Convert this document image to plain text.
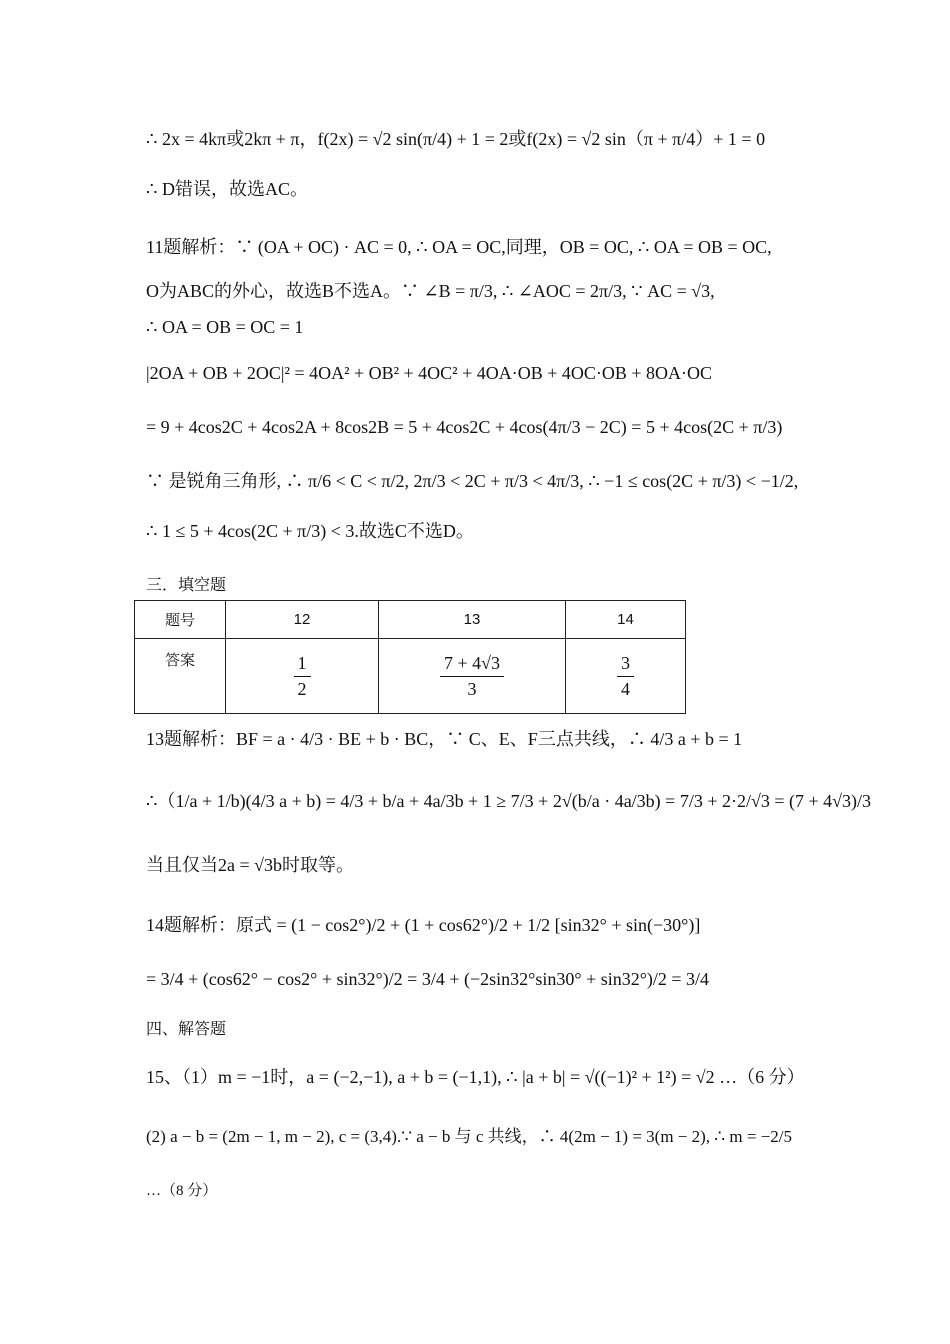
∴ 2x = 4kπ或2kπ + π，f(2x) = √2 sin(π/4) + 1 = 2或f(2x) = √2 sin（π + π/4）+ 1 = 0
∴ D错误，故选AC。
11题解析：∵ (OA + OC) · AC = 0, ∴ OA = OC,同理，OB = OC, ∴ OA = OB = OC,
O为ABC的外心，故选B不选A。∵ ∠B = π/3, ∴ ∠AOC = 2π/3, ∵ AC = √3,
∴ OA = OB = OC = 1
|2OA + OB + 2OC|² = 4OA² + OB² + 4OC² + 4OA·OB + 4OC·OB + 8OA·OC
= 9 + 4cos2C + 4cos2A + 8cos2B = 5 + 4cos2C + 4cos(4π/3 − 2C) = 5 + 4cos(2C + π/3)
∵ 是锐角三角形, ∴ π/6 < C < π/2, 2π/3 < 2C + π/3 < 4π/3, ∴ −1 ≤ cos(2C + π/3) < −1/2,
∴ 1 ≤ 5 + 4cos(2C + π/3) < 3.故选C不选D。
三．填空题
题号	12	13	14
答案	$\frac{1}{2}$	$\frac{7 + 4√3}{3}$	$\frac{3}{4}$
13题解析：BF = a · 4/3 · BE + b · BC，∵ C、E、F三点共线，∴ 4/3 a + b = 1
∴（1/a + 1/b)(4/3 a + b) = 4/3 + b/a + 4a/3b + 1 ≥ 7/3 + 2√(b/a · 4a/3b) = 7/3 + 2·2/√3 = (7 + 4√3)/3
当且仅当2a = √3b时取等。
14题解析：原式 = (1 − cos2°)/2 + (1 + cos62°)/2 + 1/2 [sin32° + sin(−30°)]
= 3/4 + (cos62° − cos2° + sin32°)/2 = 3/4 + (−2sin32°sin30° + sin32°)/2 = 3/4
四、解答题
15、（1）m = −1时，a = (−2,−1), a + b = (−1,1), ∴ |a + b| = √((−1)² + 1²) = √2 …（6 分）
(2) a − b = (2m − 1, m − 2), c = (3,4).∵ a − b 与 c 共线，∴ 4(2m − 1) = 3(m − 2), ∴ m = −2/5
…（8 分）
